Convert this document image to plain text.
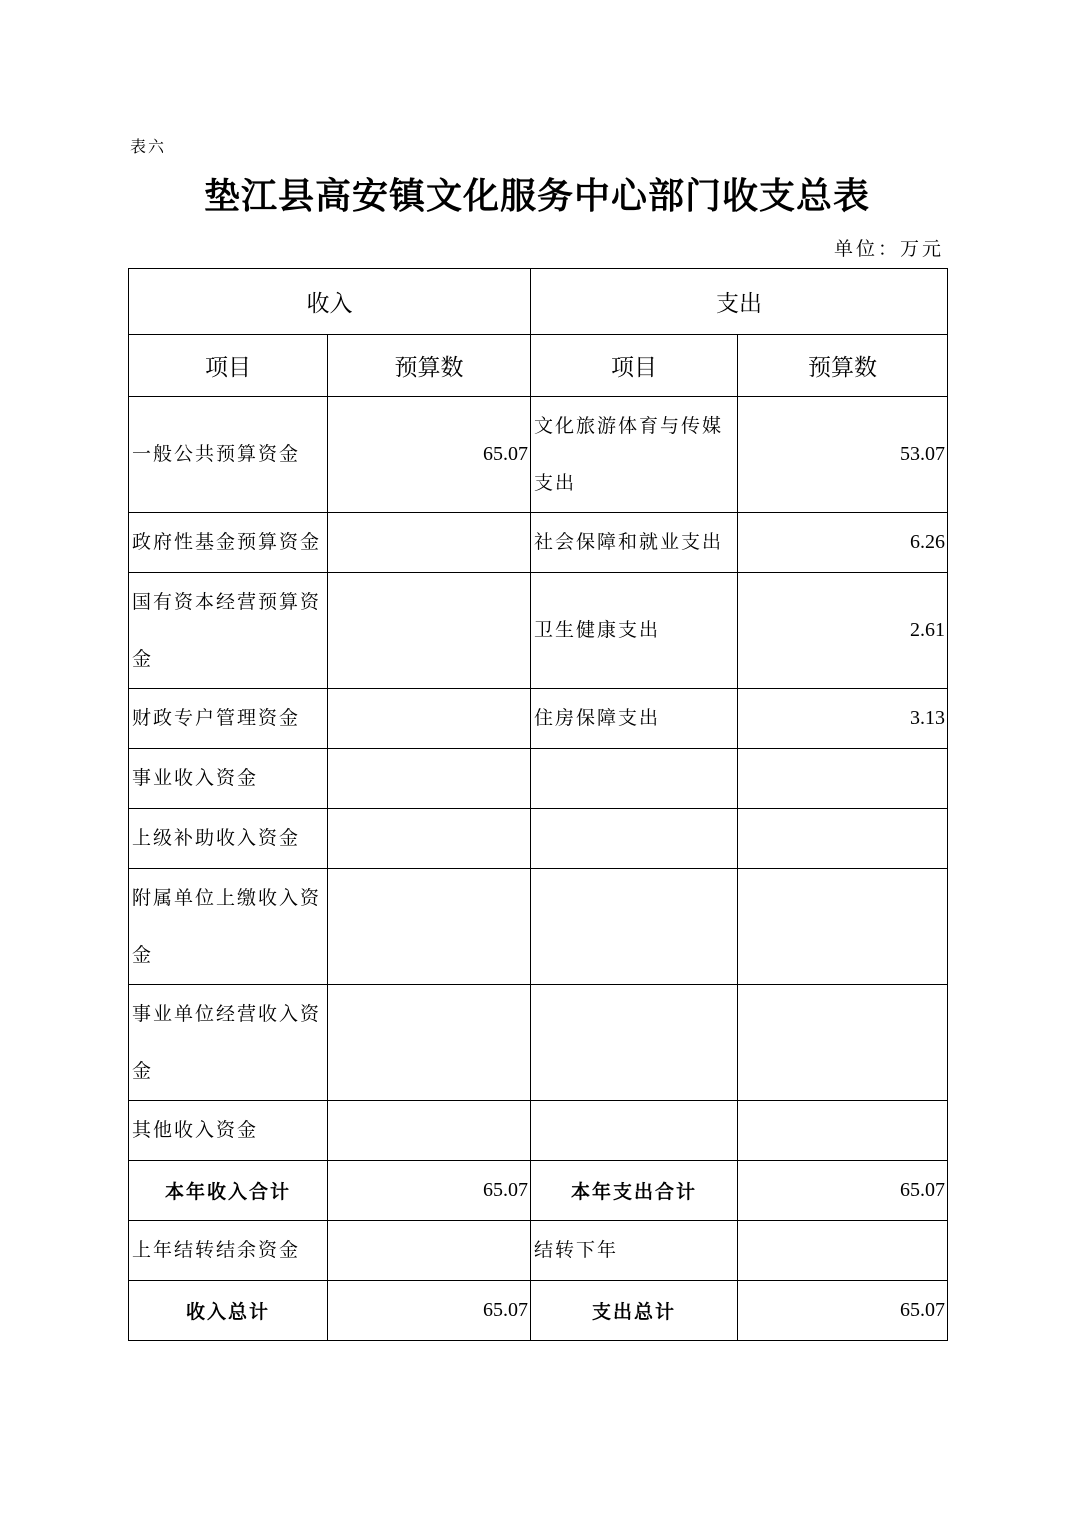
表六
垫江县高安镇文化服务中心部门收支总表
单位：万元
收入		支出	
项目	预算数	项目	预算数

一般公共预算资金	65.07	文化旅游体育与传媒支出	53.07

政府性基金预算资金		社会保障和就业支出	6.26

国有资本经营预算资金		卫生健康支出	2.61

财政专户管理资金		住房保障支出	3.13

事业收入资金			

上级补助收入资金			

附属单位上缴收入资金			

事业单位经营收入资金			

其他收入资金			

本年收入合计	65.07	本年支出合计	65.07

上年结转结余资金		结转下年	

收入总计	65.07	支出总计	65.07
